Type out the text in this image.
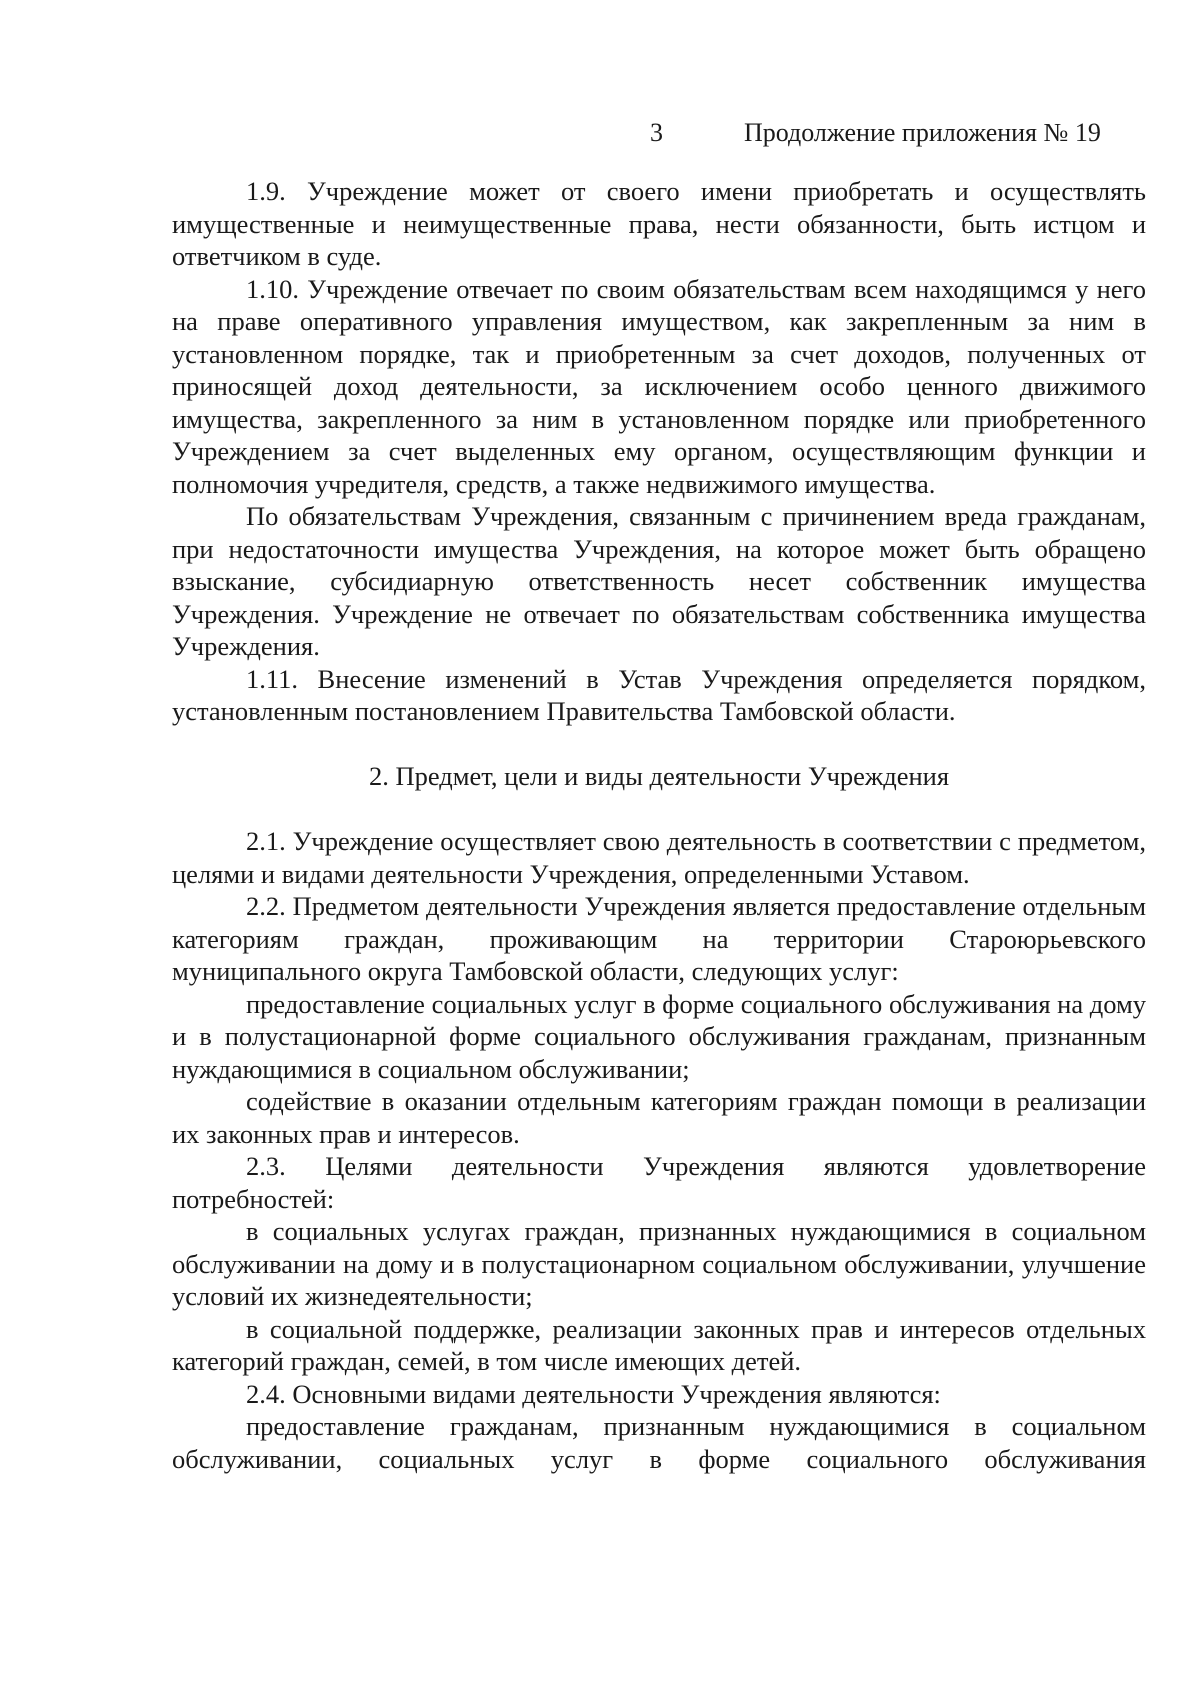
3	Продолжение приложения № 19

1.9. Учреждение может от своего имени приобретать и осуществлять имущественные и неимущественные права, нести обязанности, быть истцом и ответчиком в суде.

1.10. Учреждение отвечает по своим обязательствам всем находящимся у него на праве оперативного управления имуществом, как закрепленным за ним в установленном порядке, так и приобретенным за счет доходов, полученных от приносящей доход деятельности, за исключением особо ценного движимого имущества, закрепленного за ним в установленном порядке или приобретенного Учреждением за счет выделенных ему органом, осуществляющим функции и полномочия учредителя, средств, а также недвижимого имущества.

По обязательствам Учреждения, связанным с причинением вреда гражданам, при недостаточности имущества Учреждения, на которое может быть обращено взыскание, субсидиарную ответственность несет собственник имущества Учреждения. Учреждение не отвечает по обязательствам собственника имущества Учреждения.

1.11. Внесение изменений в Устав Учреждения определяется порядком, установленным постановлением Правительства Тамбовской области.

2. Предмет, цели и виды деятельности Учреждения

2.1. Учреждение осуществляет свою деятельность в соответствии с предметом, целями и видами деятельности Учреждения, определенными Уставом.

2.2. Предметом деятельности Учреждения является предоставление отдельным категориям граждан, проживающим на территории Староюрьевского муниципального округа Тамбовской области, следующих услуг:

предоставление социальных услуг в форме социального обслуживания на дому и в полустационарной форме социального обслуживания гражданам, признанным нуждающимися в социальном обслуживании;

содействие в оказании отдельным категориям граждан помощи в реализации их законных прав и интересов.

2.3. Целями деятельности Учреждения являются удовлетворение потребностей:

в социальных услугах граждан, признанных нуждающимися в социальном обслуживании на дому и в полустационарном социальном обслуживании, улучшение условий их жизнедеятельности;

в социальной поддержке, реализации законных прав и интересов отдельных категорий граждан, семей, в том числе имеющих детей.

2.4. Основными видами деятельности Учреждения являются:

предоставление гражданам, признанным нуждающимися в социальном обслуживании, социальных услуг в форме социального обслуживания
